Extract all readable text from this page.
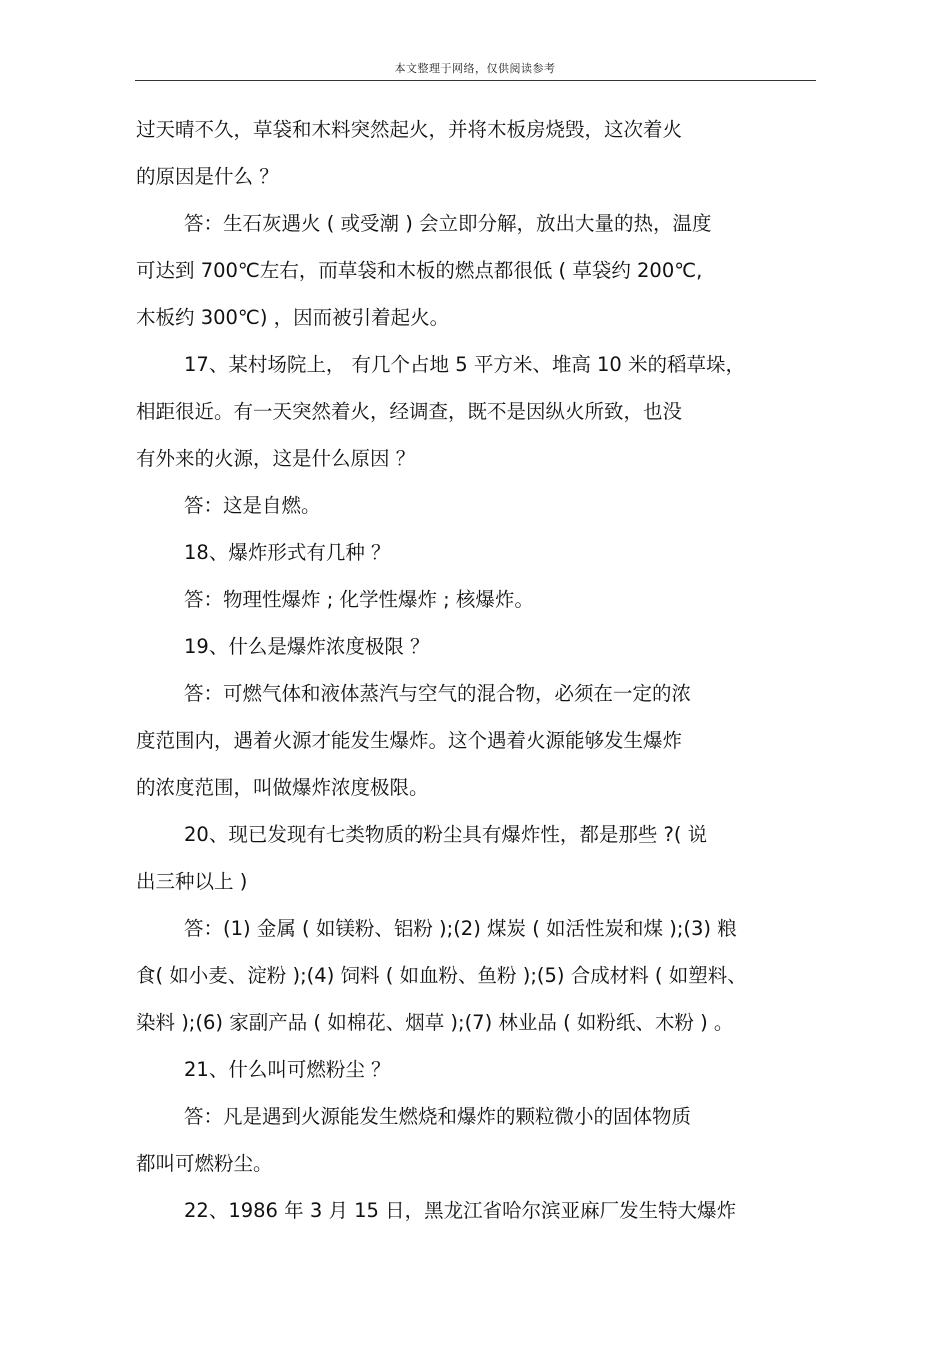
本文整理于网络，仅供阅读参考
过天晴不久，草袋和木料突然起火，并将木板房烧毁，这次着火
的原因是什么 ？
答：生石灰遇火 ( 或受潮 ) 会立即分解，放出大量的热，温度
可达到 700℃左右，而草袋和木板的燃点都很低 ( 草袋约 200℃,
木板约 300℃) ，因而被引着起火。
17、某村场院上， 有几个占地 5 平方米、堆高 10 米的稻草垛，
相距很近。有一天突然着火，经调查，既不是因纵火所致，也没
有外来的火源，这是什么原因 ？
答：这是自燃。
18、爆炸形式有几种 ？
答：物理性爆炸 ; 化学性爆炸 ; 核爆炸。
19、什么是爆炸浓度极限 ？
答：可燃气体和液体蒸汽与空气的混合物，必须在一定的浓
度范围内，遇着火源才能发生爆炸。这个遇着火源能够发生爆炸
的浓度范围，叫做爆炸浓度极限。
20、现已发现有七类物质的粉尘具有爆炸性，都是那些 ?( 说
出三种以上 )
答：(1) 金属 ( 如镁粉、铝粉 );(2) 煤炭 ( 如活性炭和煤 );(3) 粮
食( 如小麦、淀粉 );(4) 饲料 ( 如血粉、鱼粉 );(5) 合成材料 ( 如塑料、
染料 );(6) 家副产品 ( 如棉花、烟草 );(7) 林业品 ( 如粉纸、木粉 ) 。
21、什么叫可燃粉尘 ？
答：凡是遇到火源能发生燃烧和爆炸的颗粒微小的固体物质
都叫可燃粉尘。
22、1986 年 3 月 15 日，黑龙江省哈尔滨亚麻厂发生特大爆炸
